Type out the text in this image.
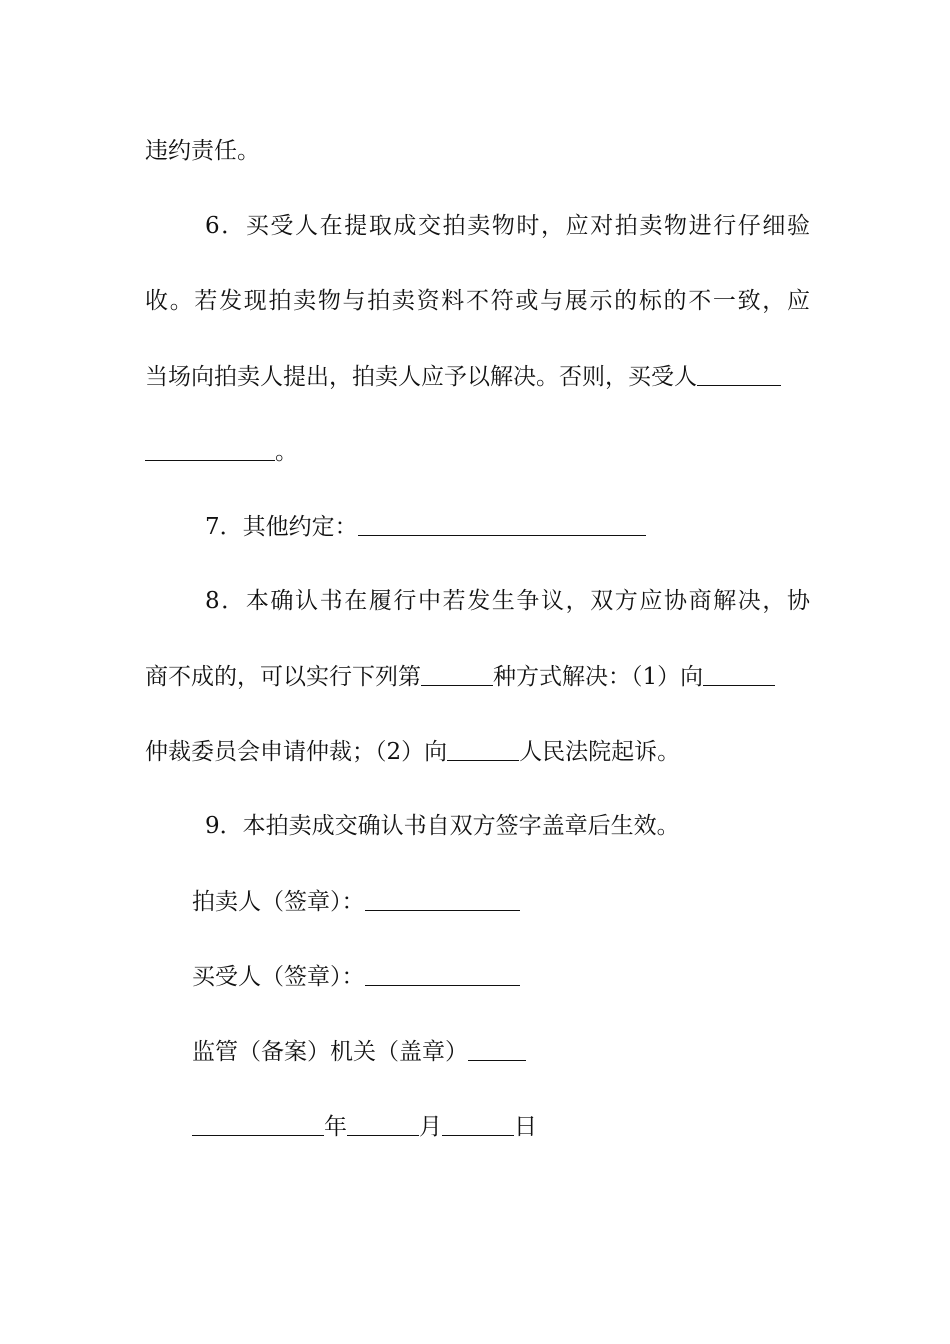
违约责任。
6．买受人在提取成交拍卖物时，应对拍卖物进行仔细验
收。若发现拍卖物与拍卖资料不符或与展示的标的不一致，应
当场向拍卖人提出，拍卖人应予以解决。否则，买受人
。
7．其他约定：
8．本确认书在履行中若发生争议，双方应协商解决，协
商不成的，可以实行下列第	种方式解决：（1）向
仲裁委员会申请仲裁；（2）向	人民法院起诉。
9．本拍卖成交确认书自双方签字盖章后生效。
拍卖人（签章）：
买受人（签章）：
监管（备案）机关（盖章）
年	月	日
